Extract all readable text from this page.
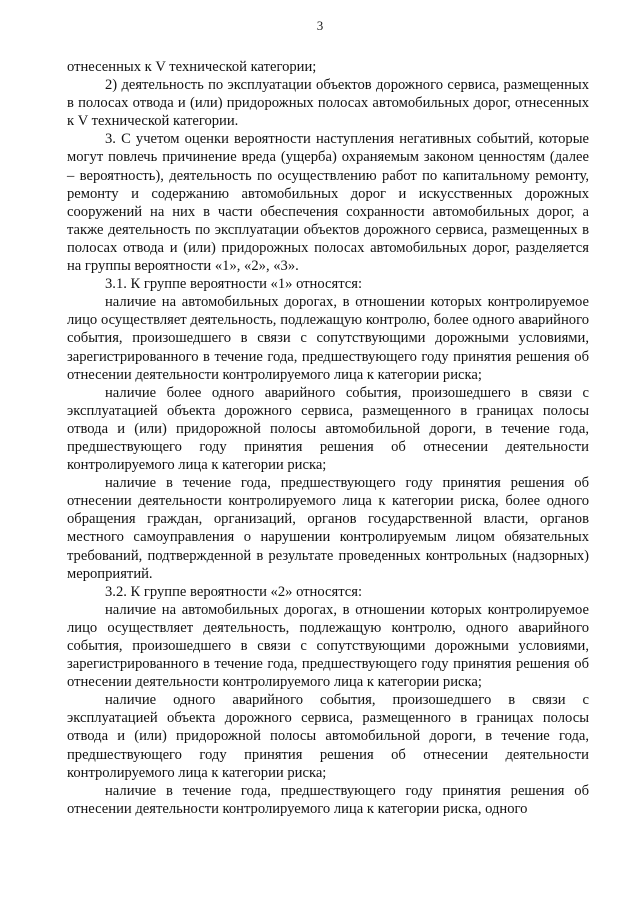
3

отнесенных к V технической категории;

2) деятельность по эксплуатации объектов дорожного сервиса, размещенных в полосах отвода и (или) придорожных полосах автомобильных дорог, отнесенных к V технической категории.

3. С учетом оценки вероятности наступления негативных событий, которые могут повлечь причинение вреда (ущерба) охраняемым законом ценностям (далее – вероятность), деятельность по осуществлению работ по капитальному ремонту, ремонту и содержанию автомобильных дорог и искусственных дорожных сооружений на них в части обеспечения сохранности автомобильных дорог, а также деятельность по эксплуатации объектов дорожного сервиса, размещенных в полосах отвода и (или) придорожных полосах автомобильных дорог, разделяется на группы вероятности «1», «2», «3».

3.1. К группе вероятности «1» относятся:

наличие на автомобильных дорогах, в отношении которых контролируемое лицо осуществляет деятельность, подлежащую контролю, более одного аварийного события, произошедшего в связи с сопутствующими дорожными условиями, зарегистрированного в течение года, предшествующего году принятия решения об отнесении деятельности контролируемого лица к категории риска;

наличие более одного аварийного события, произошедшего в связи с эксплуатацией объекта дорожного сервиса, размещенного в границах полосы отвода и (или) придорожной полосы автомобильной дороги, в течение года, предшествующего году принятия решения об отнесении деятельности контролируемого лица к категории риска;

наличие в течение года, предшествующего году принятия решения об отнесении деятельности контролируемого лица к категории риска, более одного обращения граждан, организаций, органов государственной власти, органов местного самоуправления о нарушении контролируемым лицом обязательных требований, подтвержденной в результате проведенных контрольных (надзорных) мероприятий.

3.2. К группе вероятности «2» относятся:

наличие на автомобильных дорогах, в отношении которых контролируемое лицо осуществляет деятельность, подлежащую контролю, одного аварийного события, произошедшего в связи с сопутствующими дорожными условиями, зарегистрированного в течение года, предшествующего году принятия решения об отнесении деятельности контролируемого лица к категории риска;

наличие одного аварийного события, произошедшего в связи с эксплуатацией объекта дорожного сервиса, размещенного в границах полосы отвода и (или) придорожной полосы автомобильной дороги, в течение года, предшествующего году принятия решения об отнесении деятельности контролируемого лица к категории риска;

наличие в течение года, предшествующего году принятия решения об отнесении деятельности контролируемого лица к категории риска, одного
